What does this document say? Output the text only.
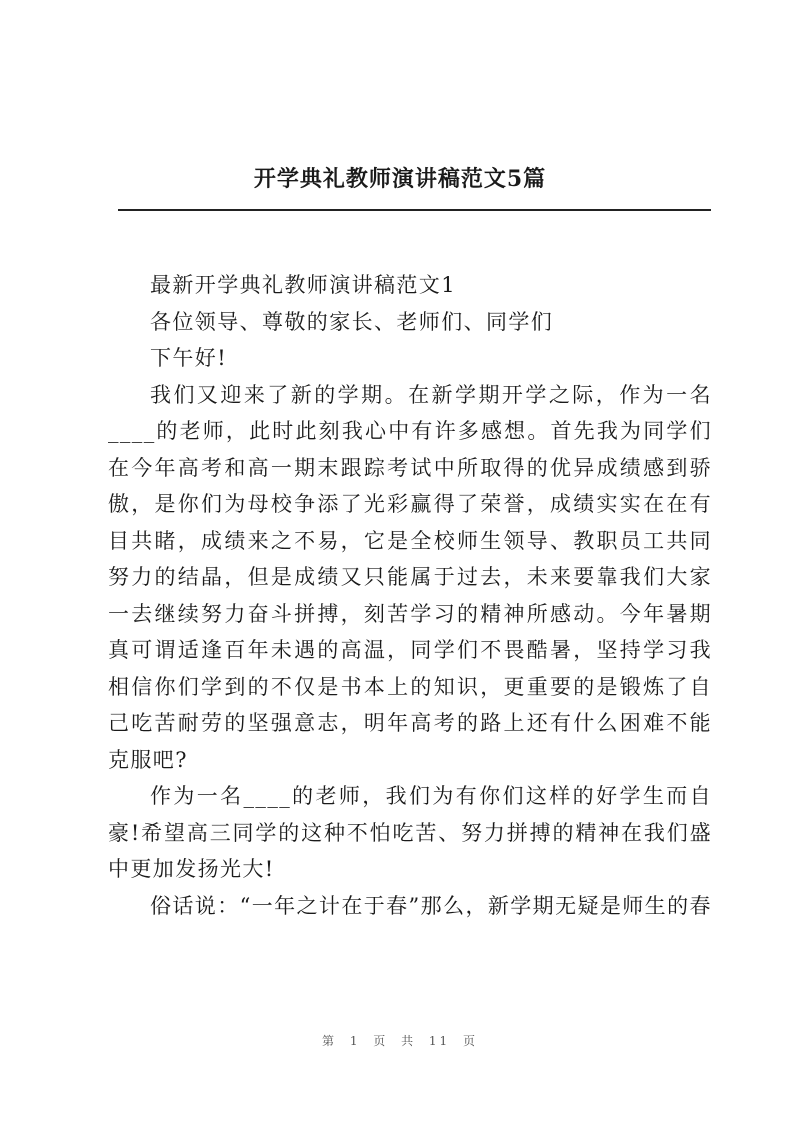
开学典礼教师演讲稿范文5篇

最新开学典礼教师演讲稿范文1

各位领导、尊敬的家长、老师们、同学们

下午好!

我们又迎来了新的学期。在新学期开学之际，作为一名____的老师，此时此刻我心中有许多感想。首先我为同学们在今年高考和高一期末跟踪考试中所取得的优异成绩感到骄傲，是你们为母校争添了光彩赢得了荣誉，成绩实实在在有目共睹，成绩来之不易，它是全校师生领导、教职员工共同努力的结晶，但是成绩又只能属于过去，未来要靠我们大家一去继续努力奋斗拼搏，刻苦学习的精神所感动。今年暑期真可谓适逢百年未遇的高温，同学们不畏酷暑，坚持学习我相信你们学到的不仅是书本上的知识，更重要的是锻炼了自己吃苦耐劳的坚强意志，明年高考的路上还有什么困难不能克服吧?

作为一名____的老师，我们为有你们这样的好学生而自豪!希望高三同学的这种不怕吃苦、努力拼搏的精神在我们盛中更加发扬光大!

俗话说：“一年之计在于春”那么，新学期无疑是师生的春

第 1 页 共 11 页
